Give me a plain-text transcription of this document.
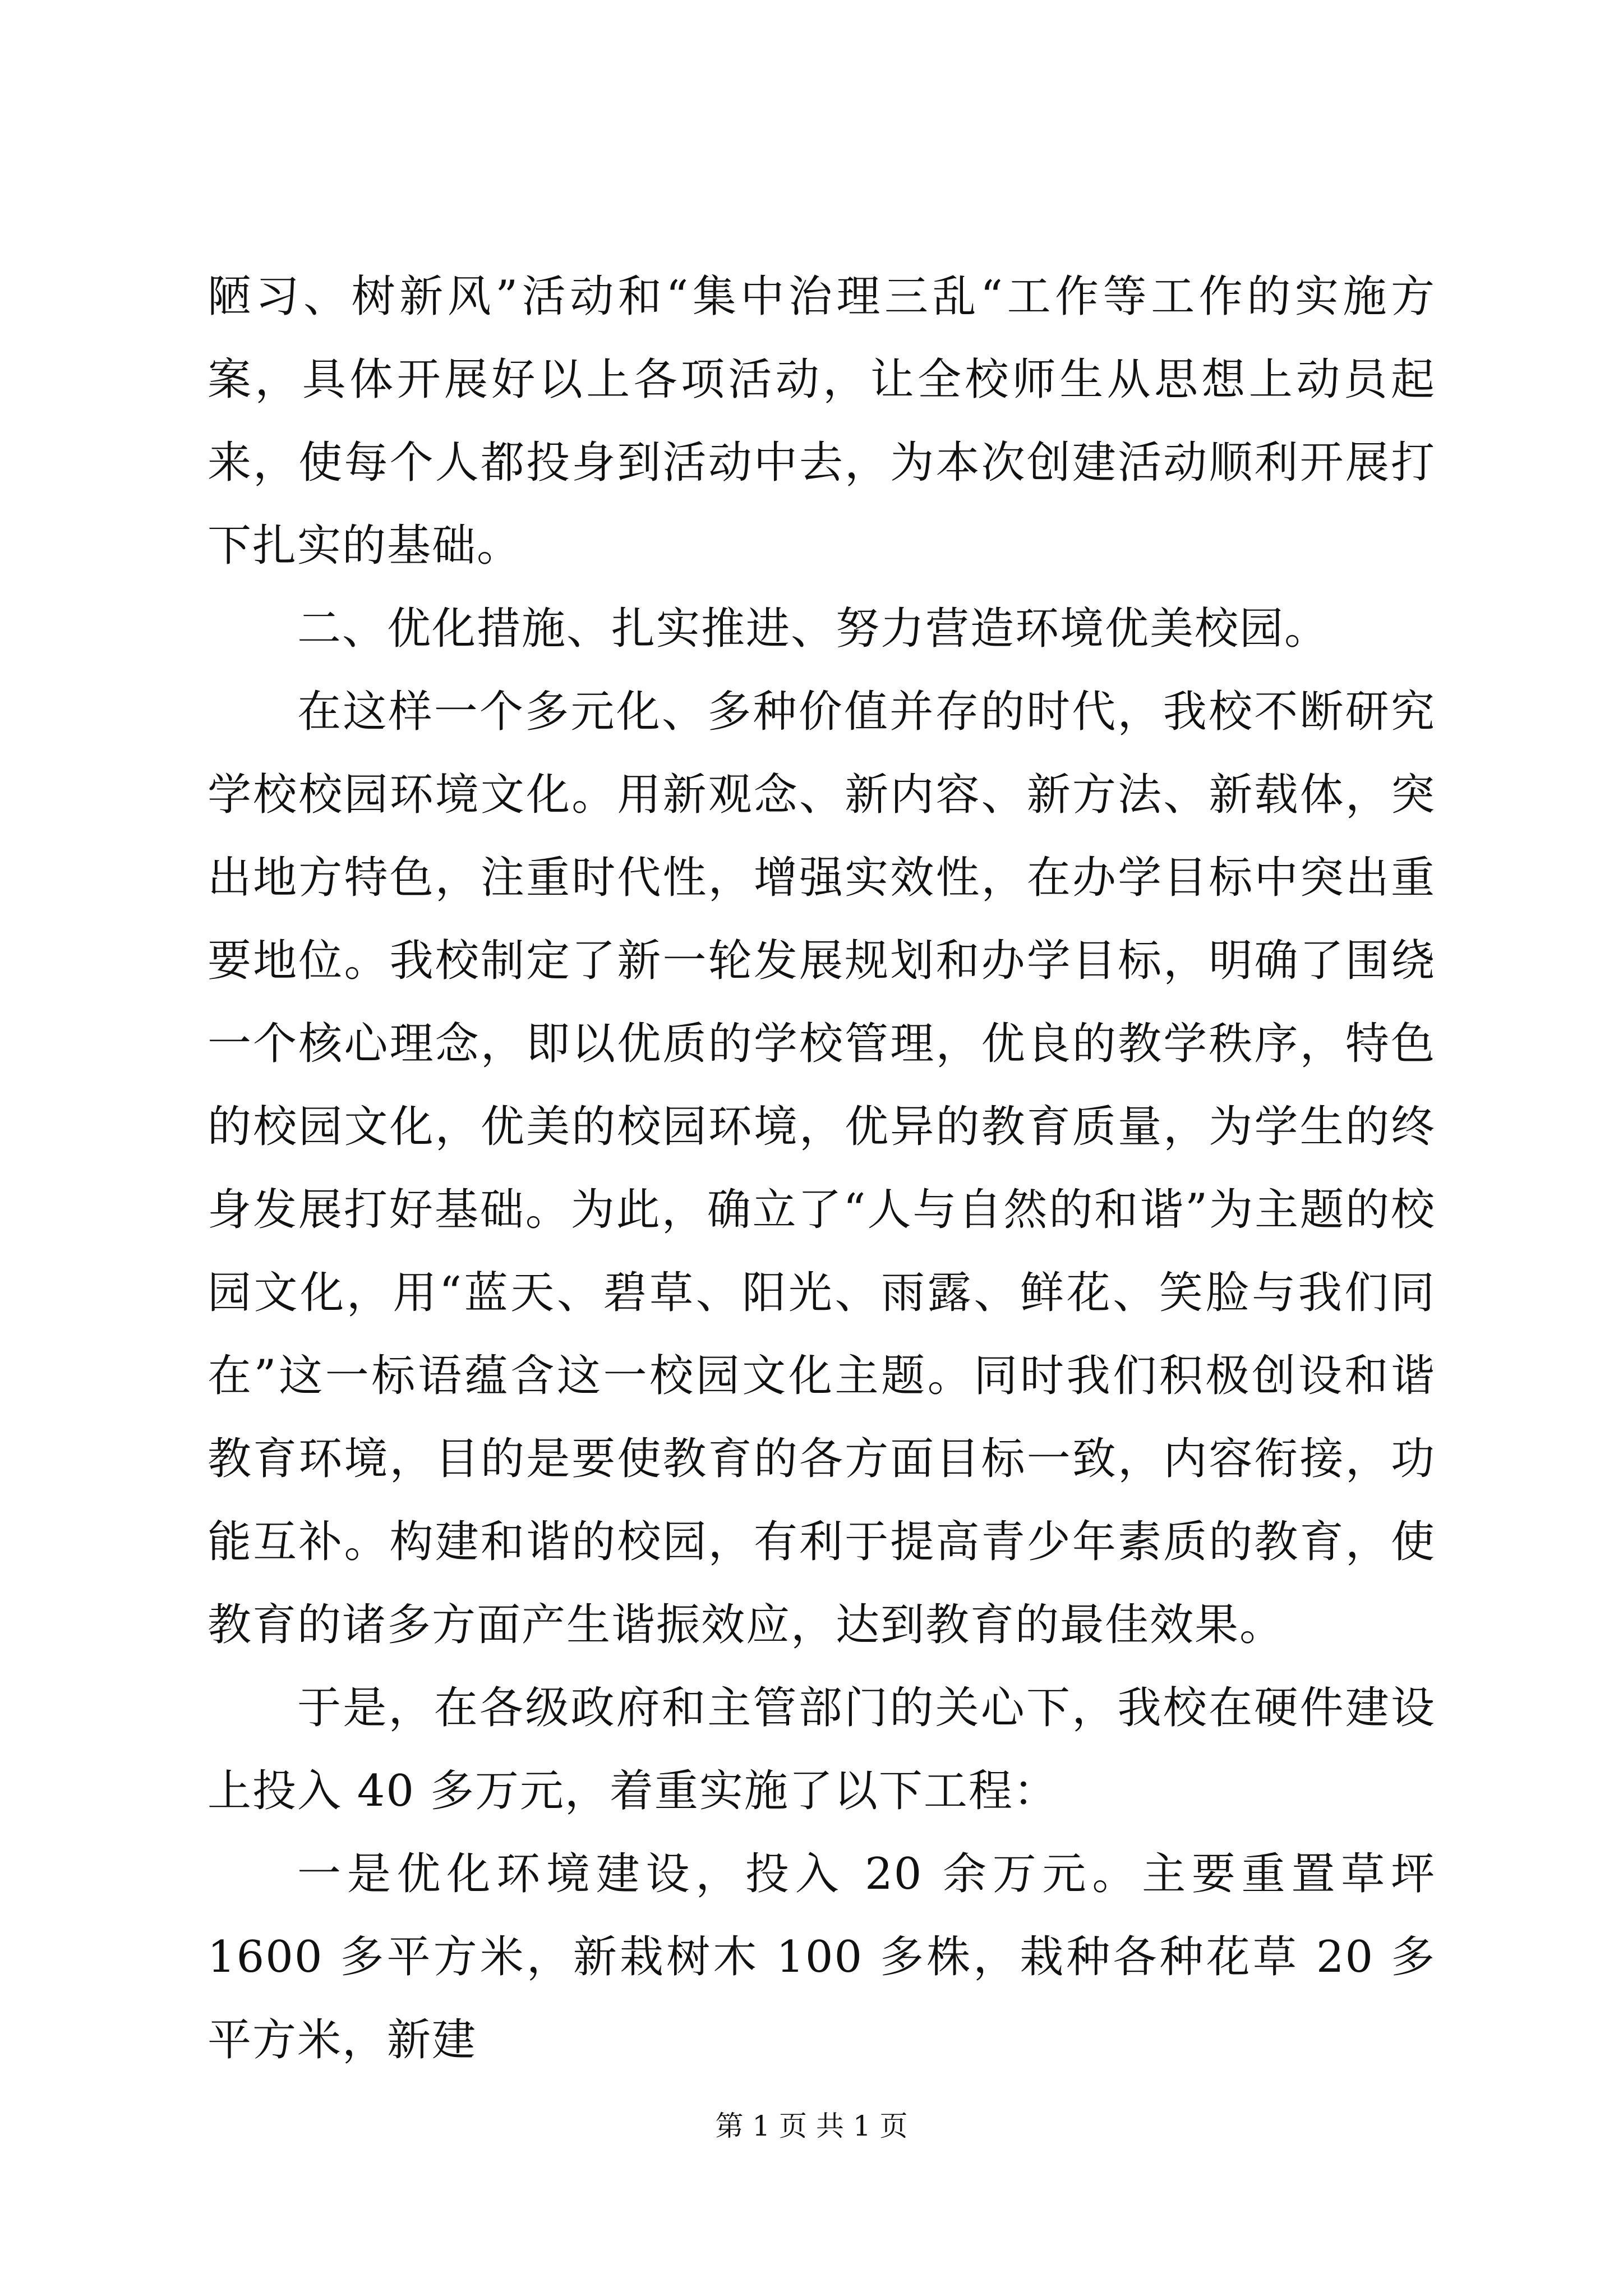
陋习、树新风”活动和“集中治理三乱“工作等工作的实施方案，具体开展好以上各项活动，让全校师生从思想上动员起来，使每个人都投身到活动中去，为本次创建活动顺利开展打下扎实的基础。

二、优化措施、扎实推进、努力营造环境优美校园。

在这样一个多元化、多种价值并存的时代，我校不断研究学校校园环境文化。用新观念、新内容、新方法、新载体，突出地方特色，注重时代性，增强实效性，在办学目标中突出重要地位。我校制定了新一轮发展规划和办学目标，明确了围绕一个核心理念，即以优质的学校管理，优良的教学秩序，特色的校园文化，优美的校园环境，优异的教育质量，为学生的终身发展打好基础。为此，确立了“人与自然的和谐”为主题的校园文化，用“蓝天、碧草、阳光、雨露、鲜花、笑脸与我们同在”这一标语蕴含这一校园文化主题。同时我们积极创设和谐教育环境，目的是要使教育的各方面目标一致，内容衔接，功能互补。构建和谐的校园，有利于提高青少年素质的教育，使教育的诸多方面产生谐振效应，达到教育的最佳效果。

于是，在各级政府和主管部门的关心下，我校在硬件建设上投入 40 多万元，着重实施了以下工程：

一是优化环境建设，投入 20 余万元。主要重置草坪 1600 多平方米，新栽树木 100 多株，栽种各种花草 20 多平方米，新建

第 1 页 共 1 页
